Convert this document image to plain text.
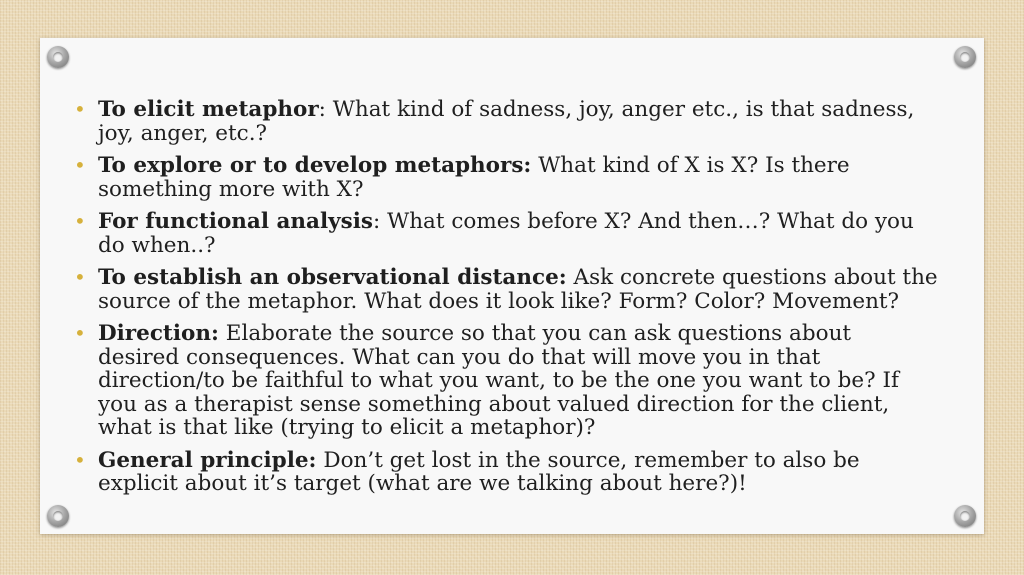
• To elicit metaphor: What kind of sadness, joy, anger etc., is that sadness, joy, anger, etc.?
• To explore or to develop metaphors: What kind of X is X? Is there something more with X?
• For functional analysis: What comes before X? And then…? What do you do when..?
• To establish an observational distance: Ask concrete questions about the source of the metaphor. What does it look like? Form? Color? Movement?
• Direction: Elaborate the source so that you can ask questions about desired consequences. What can you do that will move you in that direction/to be faithful to what you want, to be the one you want to be? If you as a therapist sense something about valued direction for the client, what is that like (trying to elicit a metaphor)?
• General principle: Don’t get lost in the source, remember to also be explicit about it’s target (what are we talking about here?)!
